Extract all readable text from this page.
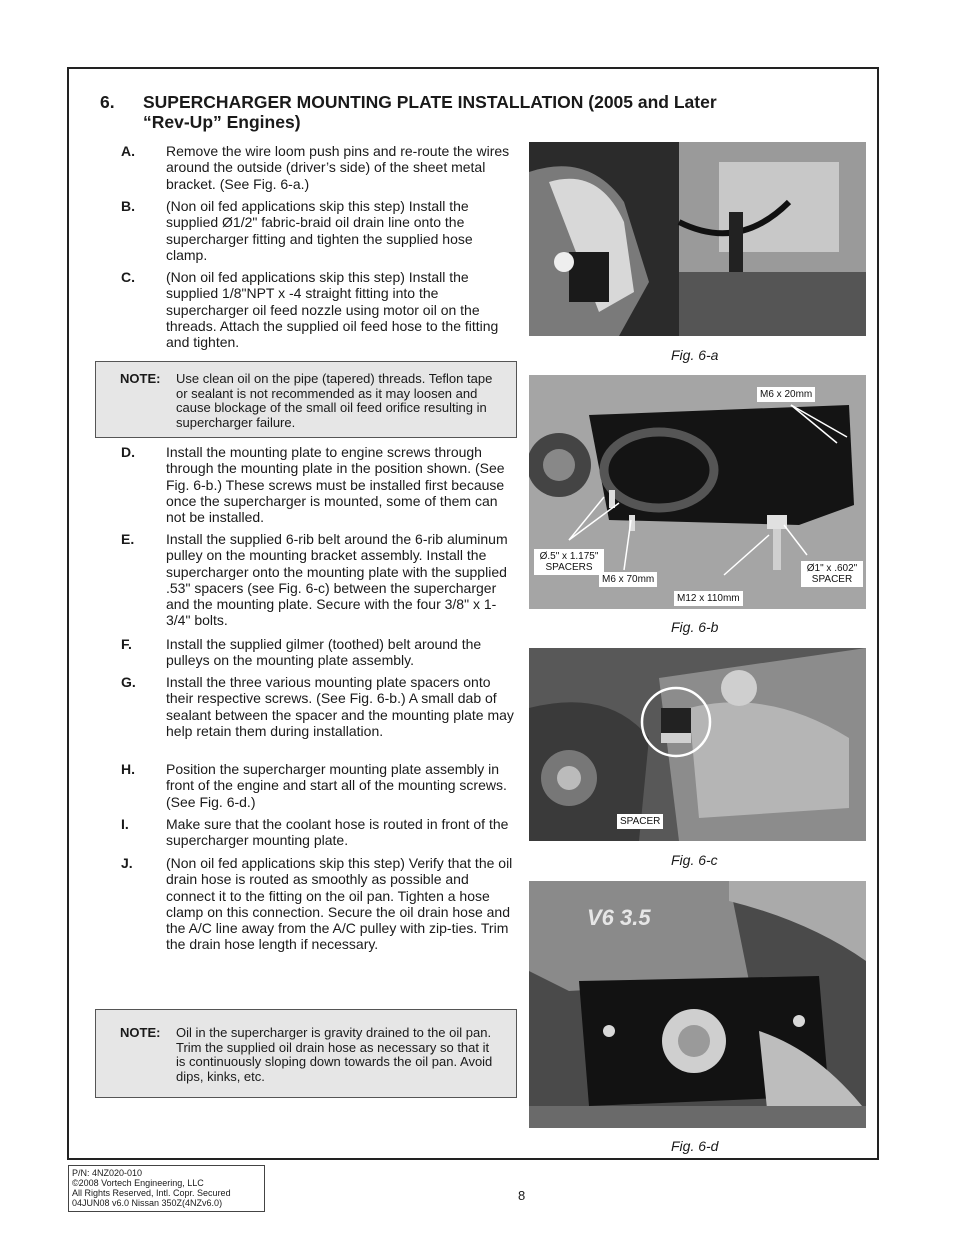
6. SUPERCHARGER MOUNTING PLATE INSTALLATION (2005 and Later
“Rev-Up” Engines)
A. Remove the wire loom push pins and re-route the wires around the outside (driver’s side) of the sheet metal bracket. (See Fig. 6-a.)
B. (Non oil fed applications skip this step) Install the supplied Ø1/2" fabric-braid oil drain line onto the supercharger fitting and tighten the supplied hose clamp.
C. (Non oil fed applications skip this step) Install the supplied 1/8"NPT x -4 straight fitting into the supercharger oil feed nozzle using motor oil on the threads. Attach the supplied oil feed hose to the fitting and tighten.
NOTE: Use clean oil on the pipe (tapered) threads. Teflon tape or sealant is not recommended as it may loosen and cause blockage of the small oil feed orifice resulting in supercharger failure.
D. Install the mounting plate to engine screws through through the mounting plate in the position shown. (See Fig. 6-b.) These screws must be installed first because once the supercharger is mounted, some of them can not be installed.
E. Install the supplied 6-rib belt around the 6-rib aluminum pulley on the mounting bracket assembly. Install the supercharger onto the mounting plate with the supplied .53" spacers (see Fig. 6-c) between the supercharger and the mounting plate. Secure with the four 3/8" x 1-3/4" bolts.
F. Install the supplied gilmer (toothed) belt around the pulleys on the mounting plate assembly.
G. Install the three various mounting plate spacers onto their respective screws. (See Fig. 6-b.) A small dab of sealant between the spacer and the mounting plate may help retain them during installation.
H. Position the supercharger mounting plate assembly in front of the engine and start all of the mounting screws. (See Fig. 6-d.)
I.	Make sure that the coolant hose is routed in front of the supercharger mounting plate.
J. (Non oil fed applications skip this step) Verify that the oil drain hose is routed as smoothly as possible and connect it to the fitting on the oil pan. Tighten a hose clamp on this connection. Secure the oil drain hose and the A/C line away from the A/C pulley with zip-ties. Trim the drain hose length if necessary.
NOTE: Oil in the supercharger is gravity drained to the oil pan. Trim the supplied oil drain hose as necessary so that it is continuously sloping down towards the oil pan. Avoid dips, kinks, etc.
Fig. 6-a
M6 x 20mm
Ø.5" x 1.175" SPACERS
M6 x 70mm
M12 x 110mm
Ø1" x .602" SPACER
Fig. 6-b
SPACER
Fig. 6-c
V6 3.5
Fig. 6-d
P/N: 4NZ020-010
©2008 Vortech Engineering, LLC
All Rights Reserved, Intl. Copr. Secured
04JUN08 v6.0 Nissan 350Z(4NZv6.0)	8
